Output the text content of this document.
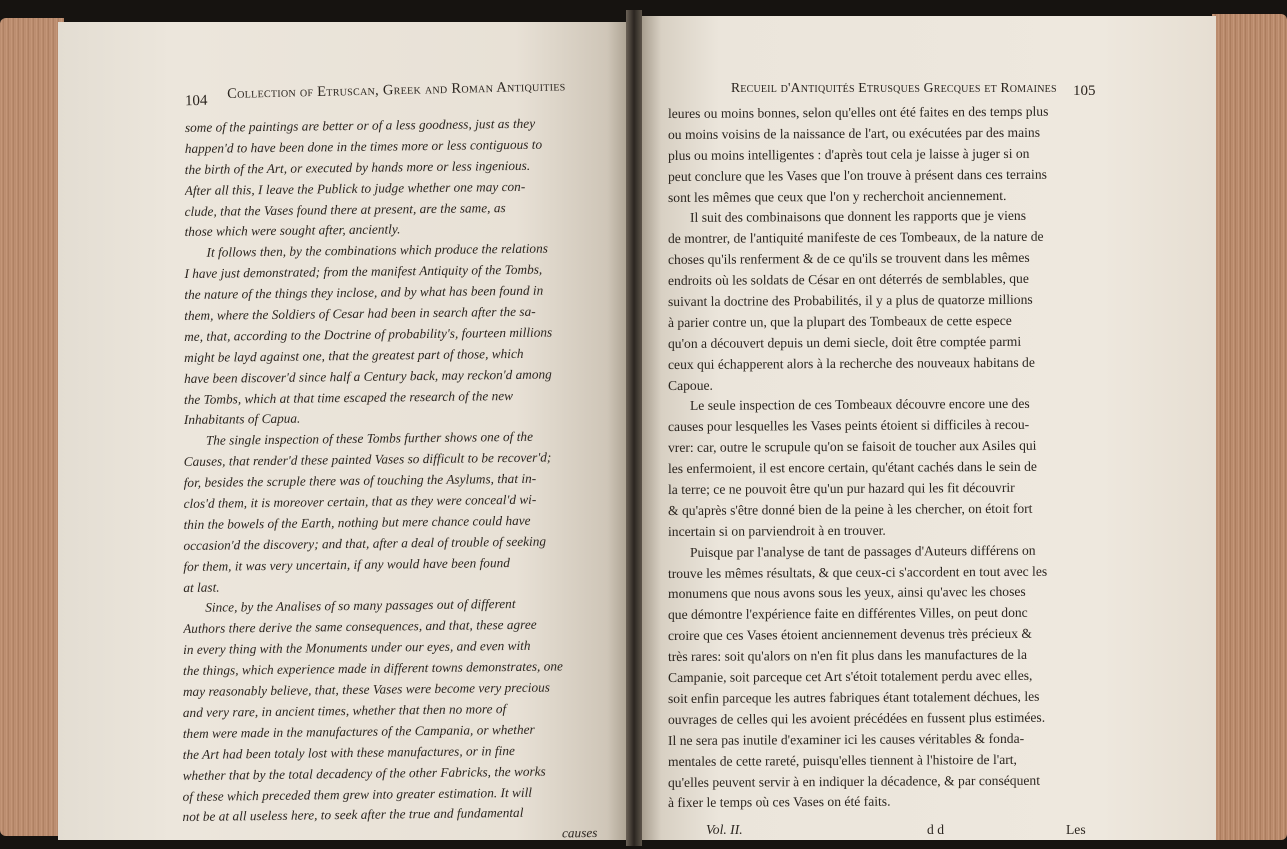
104 Collection of Etruscan, Greek and Roman Antiquities	Recueil d'Antiquités Etrusques Grecques et Romaines 105
some of the paintings are better or of a less goodness, just as they
happen'd to have been done in the times more or less contiguous to
the birth of the Art, or executed by hands more or less ingenious.
After all this, I leave the Publick to judge whether one may con-
clude, that the Vases found there at present, are the same, as
those which were sought after, anciently.
It follows then, by the combinations which produce the relations
I have just demonstrated; from the manifest Antiquity of the Tombs,
the nature of the things they inclose, and by what has been found in
them, where the Soldiers of Cesar had been in search after the sa-
me, that, according to the Doctrine of probability's, fourteen millions
might be layd against one, that the greatest part of those, which
have been discover'd since half a Century back, may reckon'd among
the Tombs, which at that time escaped the research of the new
Inhabitants of Capua.
The single inspection of these Tombs further shows one of the
Causes, that render'd these painted Vases so difficult to be recover'd;
for, besides the scruple there was of touching the Asylums, that in-
clos'd them, it is moreover certain, that as they were conceal'd wi-
thin the bowels of the Earth, nothing but mere chance could have
occasion'd the discovery; and that, after a deal of trouble of seeking
for them, it was very uncertain, if any would have been found
at last.
Since, by the Analises of so many passages out of different
Authors there derive the same consequences, and that, these agree
in every thing with the Monuments under our eyes, and even with
the things, which experience made in different towns demonstrates, one
may reasonably believe, that, these Vases were become very precious
and very rare, in ancient times, whether that then no more of
them were made in the manufactures of the Campania, or whether
the Art had been totaly lost with these manufactures, or in fine
whether that by the total decadency of the other Fabricks, the works
of these which preceded them grew into greater estimation. It will
not be at all useless here, to seek after the true and fundamental
causes
leures ou moins bonnes, selon qu'elles ont été faites en des temps plus
ou moins voisins de la naissance de l'art, ou exécutées par des mains
plus ou moins intelligentes : d'après tout cela je laisse à juger si on
peut conclure que les Vases que l'on trouve à présent dans ces terrains
sont les mêmes que ceux que l'on y recherchoit anciennement.
Il suit des combinaisons que donnent les rapports que je viens
de montrer, de l'antiquité manifeste de ces Tombeaux, de la nature de
choses qu'ils renferment & de ce qu'ils se trouvent dans les mêmes
endroits où les soldats de César en ont déterrés de semblables, que
suivant la doctrine des Probabilités, il y a plus de quatorze millions
à parier contre un, que la plupart des Tombeaux de cette espece
qu'on a découvert depuis un demi siecle, doit être comptée parmi
ceux qui échapperent alors à la recherche des nouveaux habitans de
Capoue.
Le seule inspection de ces Tombeaux découvre encore une des
causes pour lesquelles les Vases peints étoient si difficiles à recou-
vrer: car, outre le scrupule qu'on se faisoit de toucher aux Asiles qui
les enfermoient, il est encore certain, qu'étant cachés dans le sein de
la terre; ce ne pouvoit être qu'un pur hazard qui les fit découvrir
& qu'après s'être donné bien de la peine à les chercher, on étoit fort
incertain si on parviendroit à en trouver.
Puisque par l'analyse de tant de passages d'Auteurs différens on
trouve les mêmes résultats, & que ceux-ci s'accordent en tout avec les
monumens que nous avons sous les yeux, ainsi qu'avec les choses
que démontre l'expérience faite en différentes Villes, on peut donc
croire que ces Vases étoient anciennement devenus très précieux &
très rares: soit qu'alors on n'en fit plus dans les manufactures de la
Campanie, soit parceque cet Art s'étoit totalement perdu avec elles,
soit enfin parceque les autres fabriques étant totalement déchues, les
ouvrages de celles qui les avoient précédées en fussent plus estimées.
Il ne sera pas inutile d'examiner ici les causes véritables & fonda-
mentales de cette rareté, puisqu'elles tiennent à l'histoire de l'art,
qu'elles peuvent servir à en indiquer la décadence, & par conséquent
à fixer le temps où ces Vases on été faits.
Vol. II.	d d	Les
